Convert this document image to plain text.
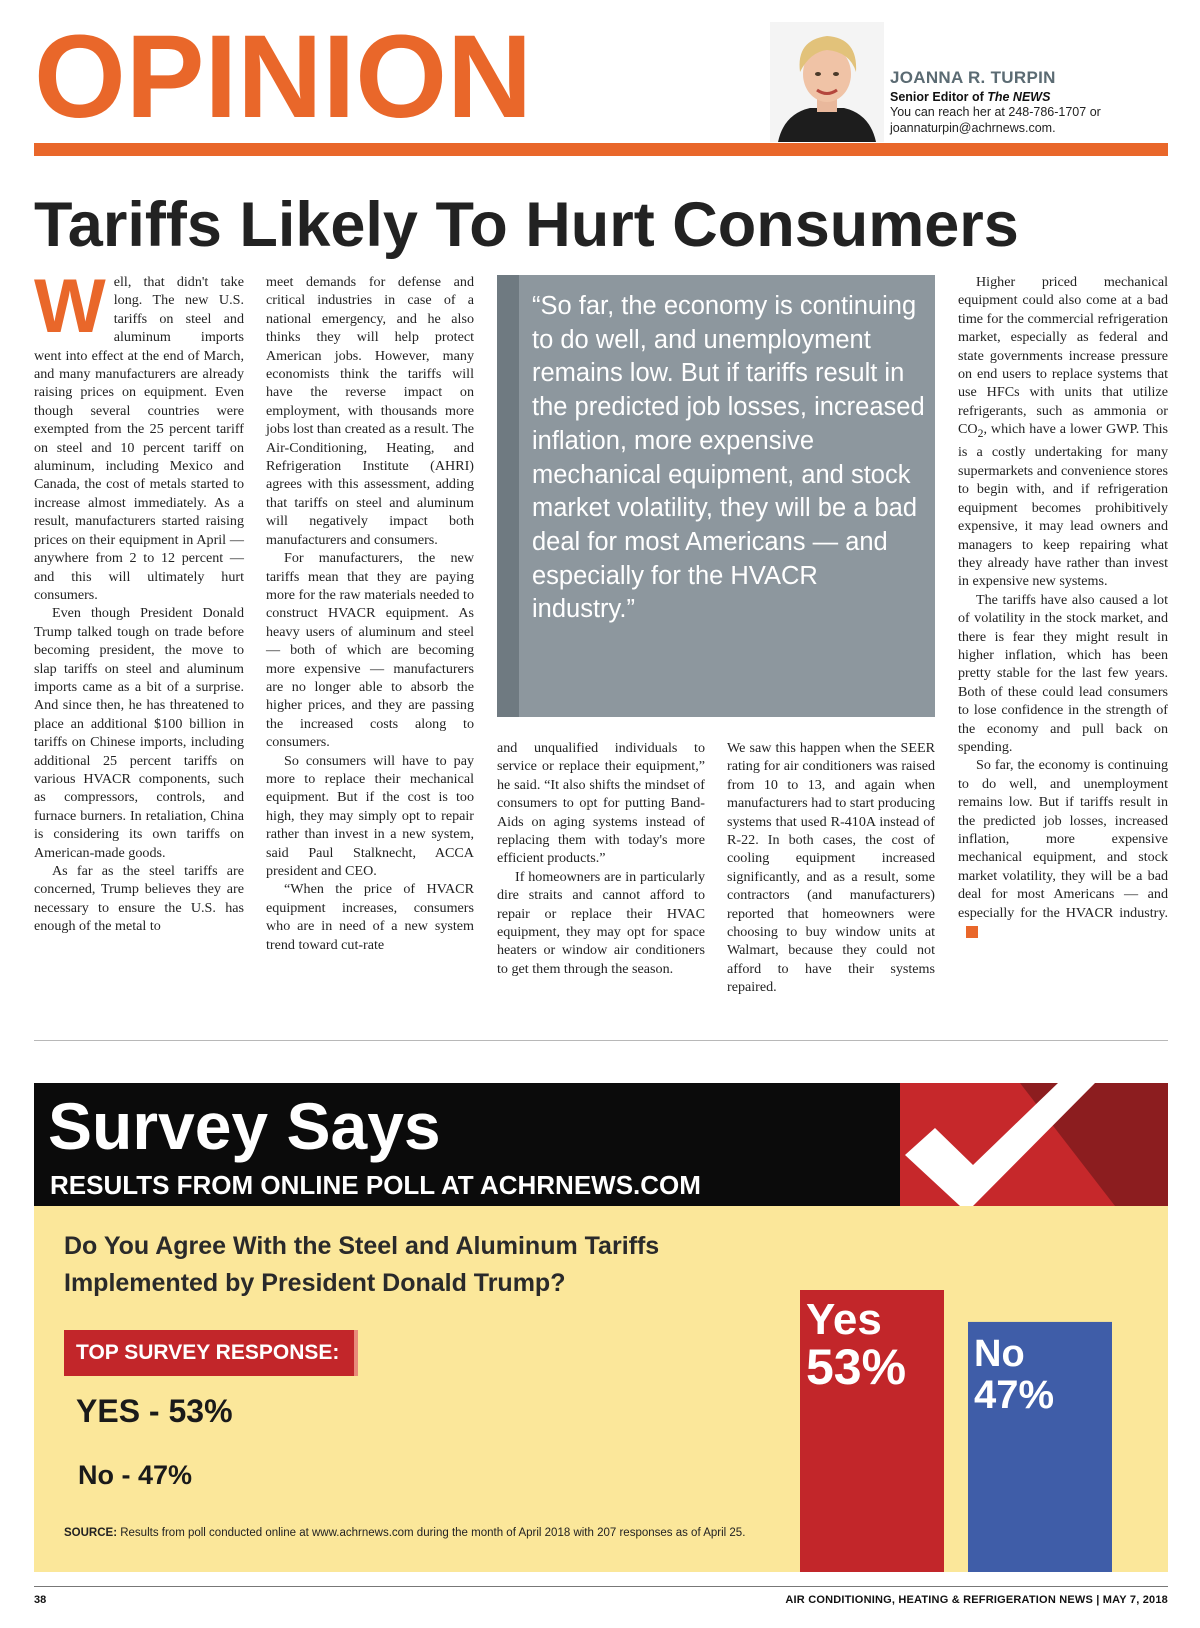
OPINION	JOANNA R. TURPIN
Senior Editor of The NEWS
You can reach her at 248-786-1707 or
joannaturpin@achrnews.com.
Tariffs Likely To Hurt Consumers

Well, that didn't take long. The new U.S. tariffs on steel and aluminum imports went into effect at the end of March, and many manufacturers are already raising prices on equipment. Even though several countries were exempted from the 25 percent tariff on steel and 10 percent tariff on aluminum, including Mexico and Canada, the cost of metals started to increase almost immediately. As a result, manufacturers started raising prices on their equipment in April — anywhere from 2 to 12 percent — and this will ultimately hurt consumers.

Even though President Donald Trump talked tough on trade before becoming president, the move to slap tariffs on steel and aluminum imports came as a bit of a surprise. And since then, he has threatened to place an additional $100 billion in tariffs on Chinese imports, including additional 25 percent tariffs on various HVACR components, such as compressors, controls, and furnace burners. In retaliation, China is considering its own tariffs on American-made goods.

As far as the steel tariffs are concerned, Trump believes they are necessary to ensure the U.S. has enough of the metal to

meet demands for defense and critical industries in case of a national emergency, and he also thinks they will help protect American jobs. However, many economists think the tariffs will have the reverse impact on employment, with thousands more jobs lost than created as a result. The Air-Conditioning, Heating, and Refrigeration Institute (AHRI) agrees with this assessment, adding that tariffs on steel and aluminum will negatively impact both manufacturers and consumers.

For manufacturers, the new tariffs mean that they are paying more for the raw materials needed to construct HVACR equipment. As heavy users of aluminum and steel — both of which are becoming more expensive — manufacturers are no longer able to absorb the higher prices, and they are passing the increased costs along to consumers.

So consumers will have to pay more to replace their mechanical equipment. But if the cost is too high, they may simply opt to repair rather than invest in a new system, said Paul Stalknecht, ACCA president and CEO.

“When the price of HVACR equipment increases, consumers who are in need of a new system trend toward cut-rate

“So far, the economy is continuing to do well, and unemployment remains low. But if tariffs result in the predicted job losses, increased inflation, more expensive mechanical equipment, and stock market volatility, they will be a bad deal for most Americans — and especially for the HVACR industry.”

and unqualified individuals to service or replace their equipment,” he said. “It also shifts the mindset of consumers to opt for putting Band-Aids on aging systems instead of replacing them with today's more efficient products.”

If homeowners are in particularly dire straits and cannot afford to repair or replace their HVAC equipment, they may opt for space heaters or window air conditioners to get them through the season.

We saw this happen when the SEER rating for air conditioners was raised from 10 to 13, and again when manufacturers had to start producing systems that used R-410A instead of R-22. In both cases, the cost of cooling equipment increased significantly, and as a result, some contractors (and manufacturers) reported that homeowners were choosing to buy window units at Walmart, because they could not afford to have their systems repaired.

Higher priced mechanical equipment could also come at a bad time for the commercial refrigeration market, especially as federal and state governments increase pressure on end users to replace systems that use HFCs with units that utilize refrigerants, such as ammonia or $CO_2$, which have a lower GWP. This is a costly undertaking for many supermarkets and convenience stores to begin with, and if refrigeration equipment becomes prohibitively expensive, it may lead owners and managers to keep repairing what they already have rather than invest in expensive new systems.

The tariffs have also caused a lot of volatility in the stock market, and there is fear they might result in higher inflation, which has been pretty stable for the last few years. Both of these could lead consumers to lose confidence in the strength of the economy and pull back on spending.

So far, the economy is continuing to do well, and unemployment remains low. But if tariffs result in the predicted job losses, increased inflation, more expensive mechanical equipment, and stock market volatility, they will be a bad deal for most Americans — and especially for the HVACR industry.N

Survey Says
RESULTS FROM ONLINE POLL AT ACHRNEWS.COM
Do You Agree With the Steel and Aluminum Tariffs
Implemented by President Donald Trump?
TOP SURVEY RESPONSE:
YES - 53%
No - 47%
SOURCE: Results from poll conducted online at www.achrnews.com during the month of April 2018 with 207 responses as of April 25.
Yes
53% No
47%
38	AIR CONDITIONING, HEATING & REFRIGERATION NEWS | MAY 7, 2018
